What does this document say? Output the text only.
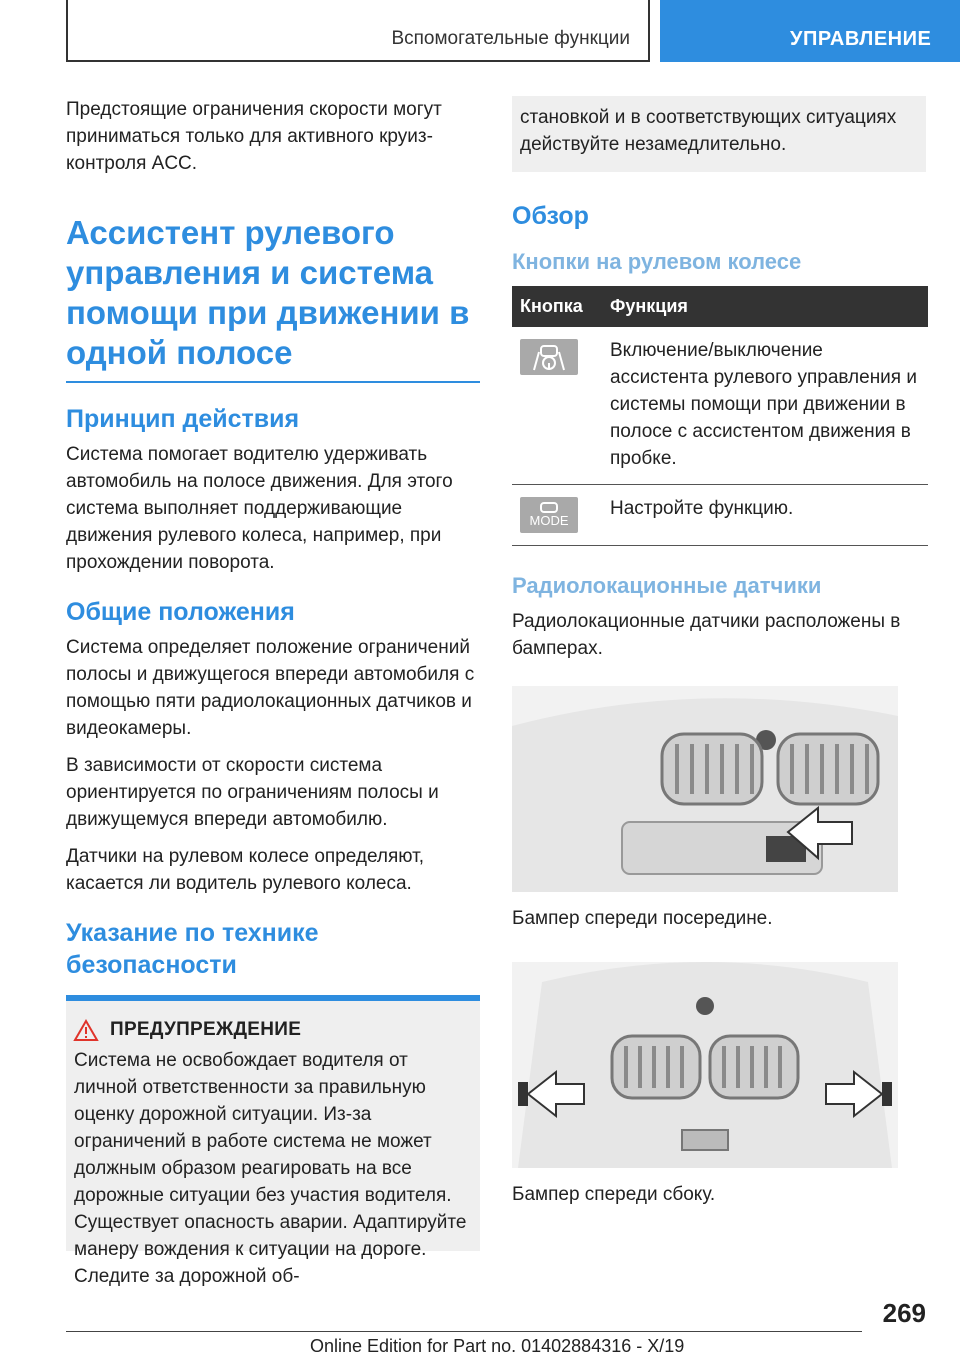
Вспомогательные функции	УПРАВЛЕНИЕ

Предстоящие ограничения скорости могут приниматься только для активного круиз-контроля ACC.

Ассистент рулевого управления и система помощи при движении в одной полосе
Принцип действия

Система помогает водителю удерживать автомобиль на полосе движения. Для этого система выполняет поддерживающие движения рулевого колеса, например, при прохождении поворота.

Общие положения

Система определяет положение ограничений полосы и движущегося впереди автомобиля с помощью пяти радиолокационных датчиков и видеокамеры.

В зависимости от скорости система ориентируется по ограничениям полосы и движущемуся впереди автомобилю.

Датчики на рулевом колесе определяют, касается ли водитель рулевого колеса.

Указание по технике безопасности
ПРЕДУПРЕЖДЕНИЕ

Система не освобождает водителя от личной ответственности за правильную оценку дорожной ситуации. Из-за ограничений в работе система не может должным образом реагировать на все дорожные ситуации без участия водителя. Существует опасность аварии. Адаптируйте манеру вождения к ситуации на дороге. Следите за дорожной об-

становкой и в соответствующих ситуациях действуйте незамедлительно.

Обзор
Кнопки на рулевом колесе
Кнопка	Функция

	Включение/выключение ассистента рулевого управления и системы помощи при движении в полосе с ассистентом движения в пробке.

MODE	Настройте функцию.
Радиолокационные датчики

Радиолокационные датчики расположены в бамперах.

Бампер спереди посередине.

Бампер спереди сбоку.

269
Online Edition for Part no. 01402884316 - X/19
